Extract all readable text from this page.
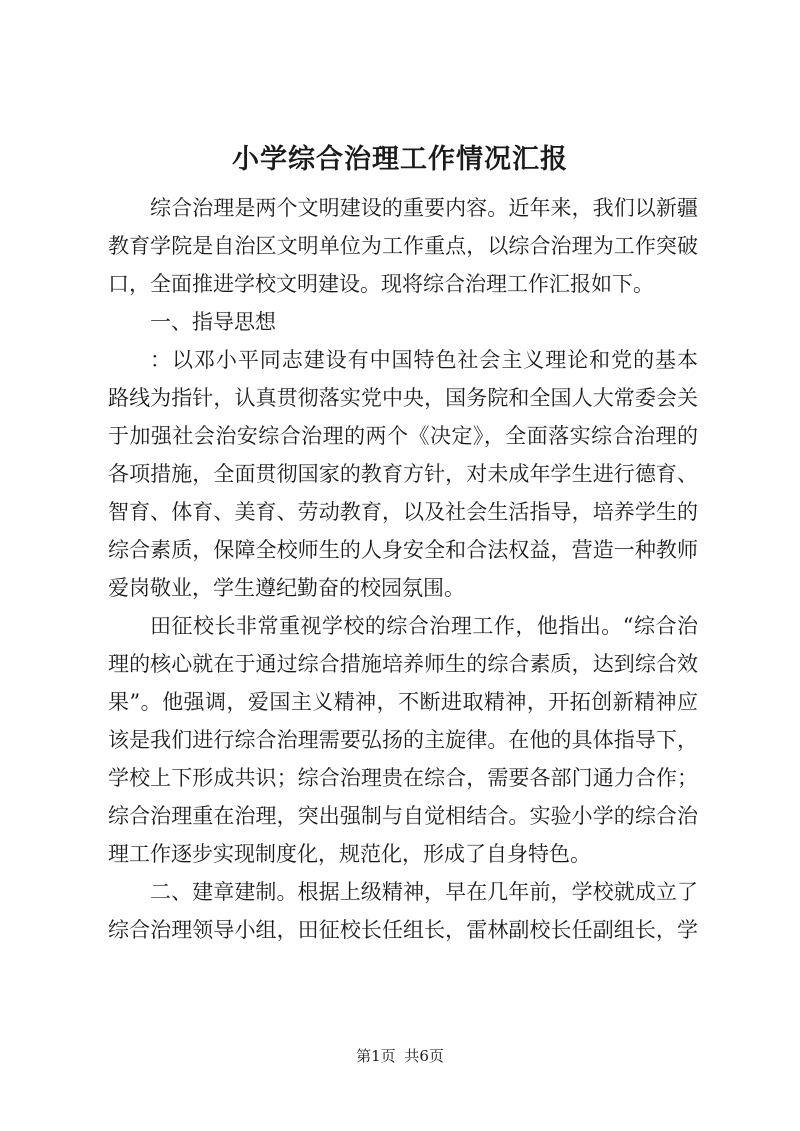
小学综合治理工作情况汇报
综合治理是两个文明建设的重要内容。近年来，我们以新疆
教育学院是自治区文明单位为工作重点，以综合治理为工作突破
口，全面推进学校文明建设。现将综合治理工作汇报如下。
一、指导思想
：以邓小平同志建设有中国特色社会主义理论和党的基本
路线为指针，认真贯彻落实党中央，国务院和全国人大常委会关
于加强社会治安综合治理的两个《决定》，全面落实综合治理的
各项措施，全面贯彻国家的教育方针，对未成年学生进行德育、
智育、体育、美育、劳动教育，以及社会生活指导，培养学生的
综合素质，保障全校师生的人身安全和合法权益，营造一种教师
爱岗敬业，学生遵纪勤奋的校园氛围。
田征校长非常重视学校的综合治理工作，他指出。“综合治
理的核心就在于通过综合措施培养师生的综合素质，达到综合效
果”。他强调，爱国主义精神，不断进取精神，开拓创新精神应
该是我们进行综合治理需要弘扬的主旋律。在他的具体指导下，
学校上下形成共识；综合治理贵在综合，需要各部门通力合作；
综合治理重在治理，突出强制与自觉相结合。实验小学的综合治
理工作逐步实现制度化，规范化，形成了自身特色。
二、建章建制。根据上级精神，早在几年前，学校就成立了
综合治理领导小组，田征校长任组长，雷林副校长任副组长，学
第1页 共6页
